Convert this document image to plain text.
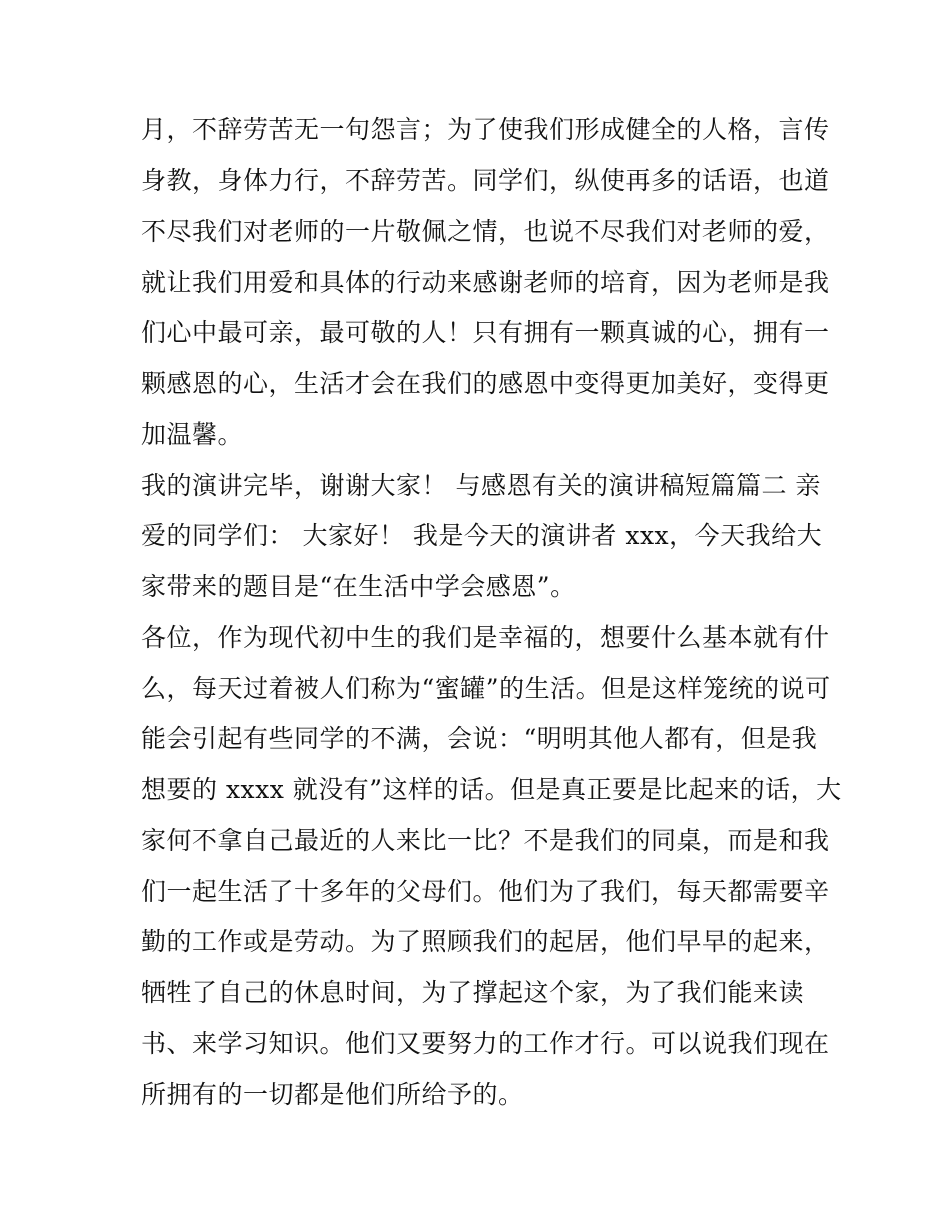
月，不辞劳苦无一句怨言；为了使我们形成健全的人格，言传
身教，身体力行，不辞劳苦。同学们，纵使再多的话语，也道
不尽我们对老师的一片敬佩之情，也说不尽我们对老师的爱，
就让我们用爱和具体的行动来感谢老师的培育，因为老师是我
们心中最可亲，最可敬的人！只有拥有一颗真诚的心，拥有一
颗感恩的心，生活才会在我们的感恩中变得更加美好，变得更
加温馨。
我的演讲完毕，谢谢大家！ 与感恩有关的演讲稿短篇篇二 亲
爱的同学们： 大家好！ 我是今天的演讲者 xxx，今天我给大
家带来的题目是“在生活中学会感恩”。
各位，作为现代初中生的我们是幸福的，想要什么基本就有什
么，每天过着被人们称为“蜜罐”的生活。但是这样笼统的说可
能会引起有些同学的不满，会说：“明明其他人都有，但是我
想要的 xxxx 就没有”这样的话。但是真正要是比起来的话，大
家何不拿自己最近的人来比一比？不是我们的同桌，而是和我
们一起生活了十多年的父母们。他们为了我们，每天都需要辛
勤的工作或是劳动。为了照顾我们的起居，他们早早的起来，
牺牲了自己的休息时间，为了撑起这个家，为了我们能来读
书、来学习知识。他们又要努力的工作才行。可以说我们现在
所拥有的一切都是他们所给予的。
